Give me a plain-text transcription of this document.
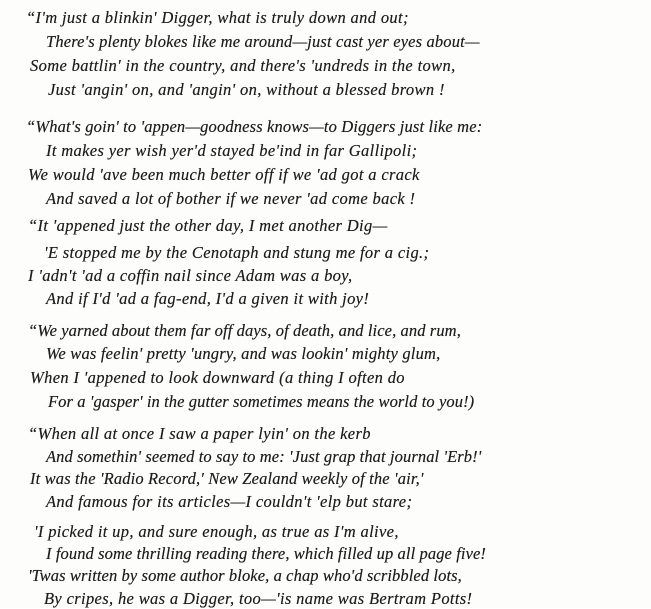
“I'm just a blinkin' Digger, what is truly down and out;
There's plenty blokes like me around—just cast yer eyes about—
Some battlin' in the country, and there's 'undreds in the town,
Just 'angin' on, and 'angin' on, without a blessed brown !
“What's goin' to 'appen—goodness knows—to Diggers just like me:
It makes yer wish yer'd stayed be'ind in far Gallipoli;
We would 'ave been much better off if we 'ad got a crack
And saved a lot of bother if we never 'ad come back !
“It 'appened just the other day, I met another Dig—
'E stopped me by the Cenotaph and stung me for a cig.;
I 'adn't 'ad a coffin nail since Adam was a boy,
And if I'd 'ad a fag-end, I'd a given it with joy!
“We yarned about them far off days, of death, and lice, and rum,
We was feelin' pretty 'ungry, and was lookin' mighty glum,
When I 'appened to look downward (a thing I often do
For a 'gasper' in the gutter sometimes means the world to you!)
“When all at once I saw a paper lyin' on the kerb
And somethin' seemed to say to me: 'Just grap that journal 'Erb!'
It was the 'Radio Record,' New Zealand weekly of the 'air,'
And famous for its articles—I couldn't 'elp but stare;
'I picked it up, and sure enough, as true as I'm alive,
I found some thrilling reading there, which filled up all page five!
'Twas written by some author bloke, a chap who'd scribbled lots,
By cripes, he was a Digger, too—'is name was Bertram Potts!
